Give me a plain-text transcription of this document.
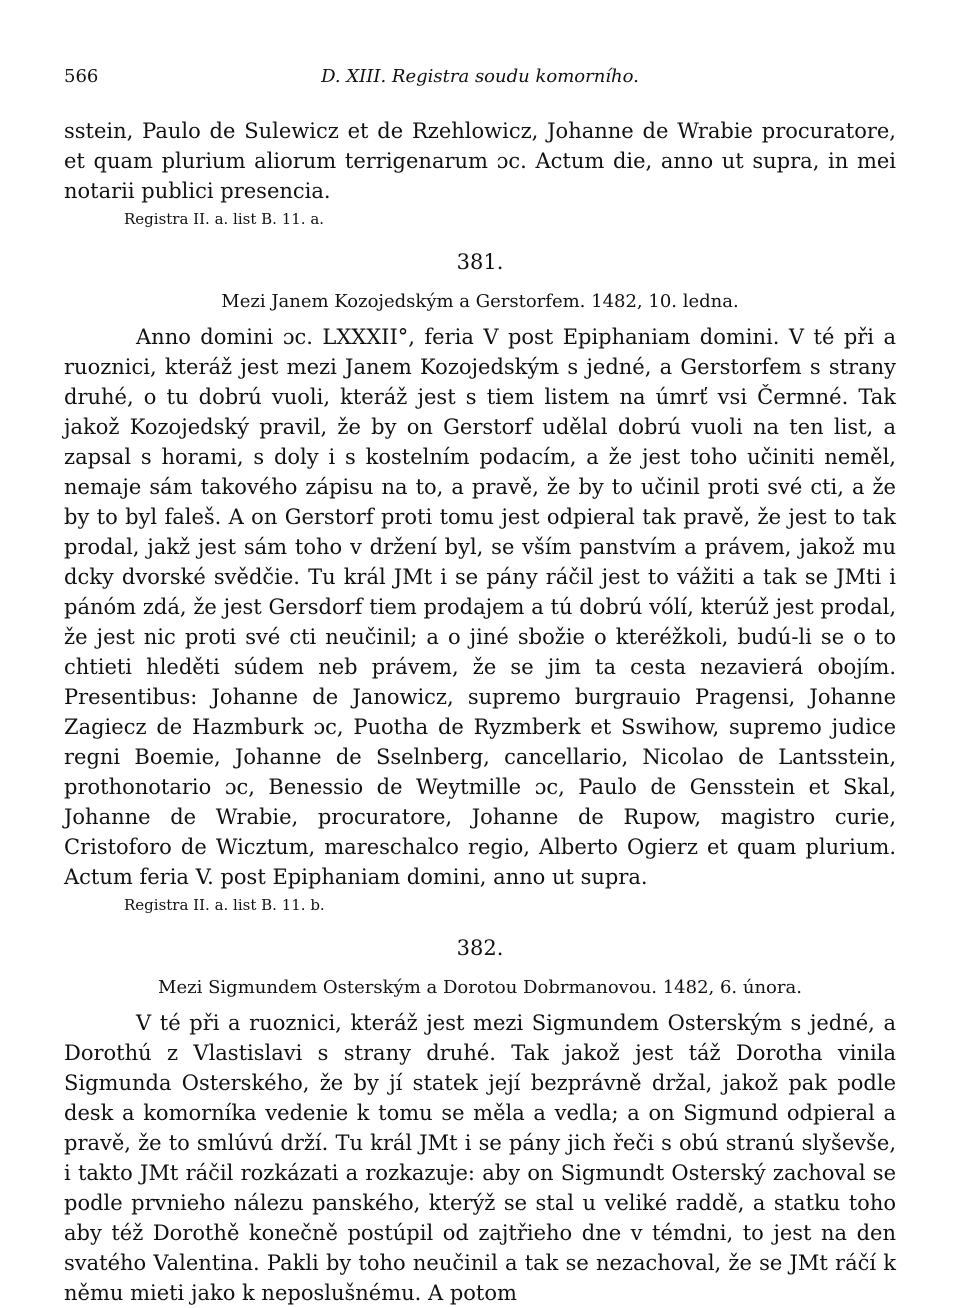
566	D. XIII. Registra soudu komorního.

sstein, Paulo de Sulewicz et de Rzehlowicz, Johanne de Wrabie procuratore, et quam plurium aliorum terrigenarum ɔc. Actum die, anno ut supra, in mei notarii publici presencia.

Registra II. a. list B. 11. a.

381.
Mezi Janem Kozojedským a Gerstorfem. 1482, 10. ledna.

Anno domini ɔc. LXXXII°, feria V post Epiphaniam domini. V té při a ruoznici, kteráž jest mezi Janem Kozojedským s jedné, a Gerstorfem s strany druhé, o tu dobrú vuoli, kteráž jest s tiem listem na úmrť vsi Čermné. Tak jakož Kozojedský pravil, že by on Gerstorf udělal dobrú vuoli na ten list, a zapsal s horami, s doly i s kostelním podacím, a že jest toho učiniti neměl, nemaje sám takového zápisu na to, a pravě, že by to učinil proti své cti, a že by to byl faleš. A on Gerstorf proti tomu jest odpieral tak pravě, že jest to tak prodal, jakž jest sám toho v držení byl, se vším panstvím a právem, jakož mu dcky dvorské svědčie. Tu král JMt i se pány ráčil jest to vážiti a tak se JMti i pánóm zdá, že jest Gersdorf tiem prodajem a tú dobrú vólí, kterúž jest prodal, že jest nic proti své cti neučinil; a o jiné sbožie o kteréžkoli, budú-li se o to chtieti hleděti súdem neb právem, že se jim ta cesta nezavierá obojím. Presentibus: Johanne de Janowicz, supremo burgrauio Pragensi, Johanne Zagiecz de Hazmburk ɔc, Puotha de Ryzmberk et Sswihow, supremo judice regni Boemie, Johanne de Sselnberg, cancellario, Nicolao de Lantsstein, prothonotario ɔc, Benessio de Weytmille ɔc, Paulo de Gensstein et Skal, Johanne de Wrabie, procuratore, Johanne de Rupow, magistro curie, Cristoforo de Wicztum, mareschalco regio, Alberto Ogierz et quam plurium. Actum feria V. post Epiphaniam domini, anno ut supra.

Registra II. a. list B. 11. b.

382.
Mezi Sigmundem Osterským a Dorotou Dobrmanovou. 1482, 6. února.

V té při a ruoznici, kteráž jest mezi Sigmundem Osterským s jedné, a Dorothú z Vlastislavi s strany druhé. Tak jakož jest táž Dorotha vinila Sigmunda Osterského, že by jí statek její bezprávně držal, jakož pak podle desk a komorníka vedenie k tomu se měla a vedla; a on Sigmund odpieral a pravě, že to smlúvú drží. Tu král JMt i se pány jich řeči s obú stranú slyševše, i takto JMt ráčil rozkázati a rozkazuje: aby on Sigmundt Osterský zachoval se podle prvnieho nálezu panského, kterýž se stal u veliké raddě, a statku toho aby též Dorothě konečně postúpil od zajtřieho dne v témdni, to jest na den svatého Valentina. Pakli by toho neučinil a tak se nezachoval, že se JMt ráčí k němu mieti jako k neposlušnému. A potom
